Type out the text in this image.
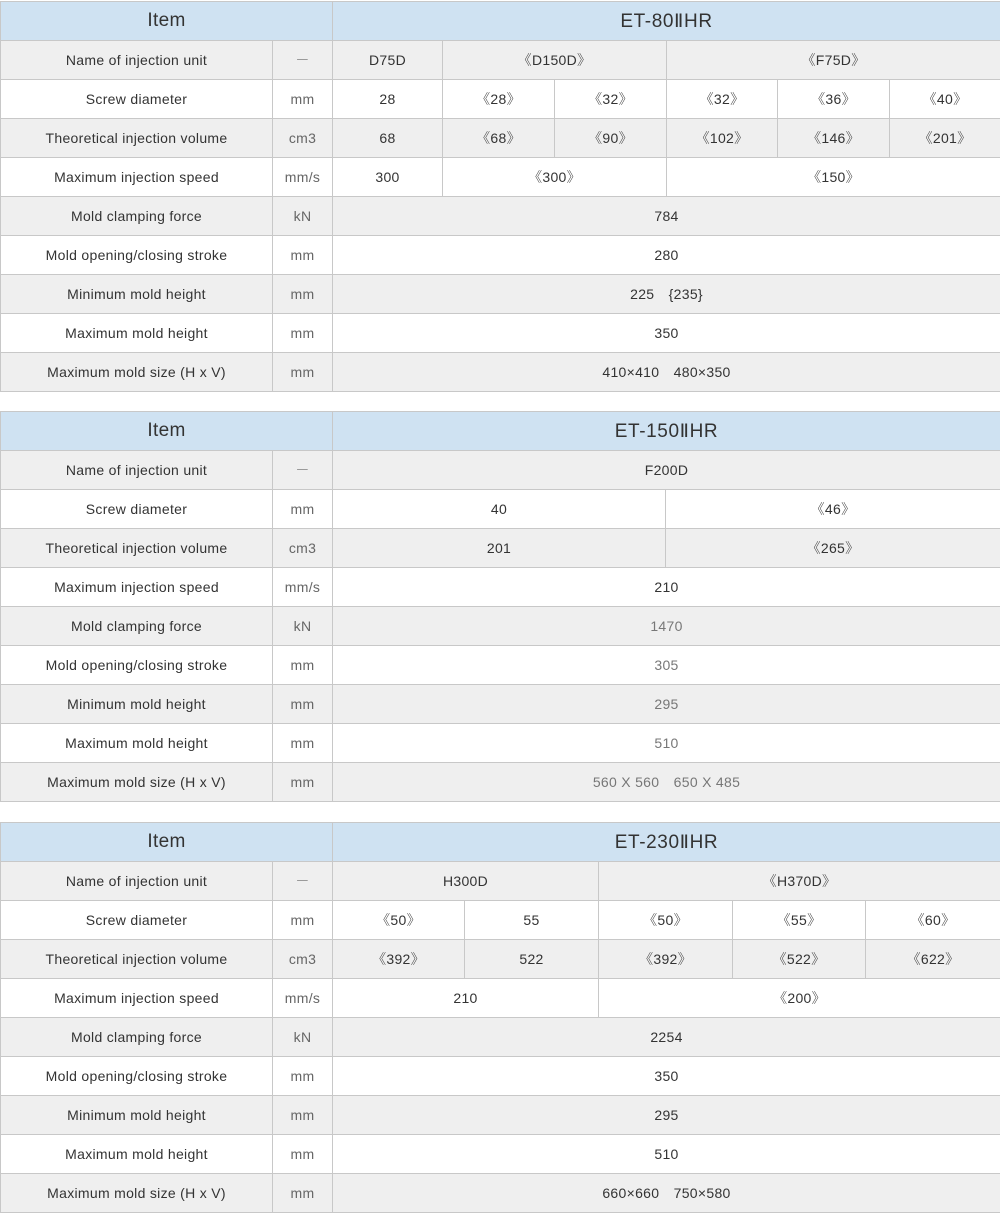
Item		ET-80ⅡHR					
Name of injection unit	－	D75D	《D150D》		《F75D》		
Screw diameter	mm	28	《28》	《32》	《32》	《36》	《40》
Theoretical injection volume	cm3	68	《68》	《90》	《102》	《146》	《201》
Maximum injection speed	mm/s	300	《300》		《150》		
Mold clamping force	kN	784					
Mold opening/closing stroke	mm	280					
Minimum mold height	mm	225　{235}					
Maximum mold height	mm	350					
Maximum mold size (H x V)	mm	410×410　480×350					
Item		ET-150ⅡHR	
Name of injection unit	－	F200D	
Screw diameter	mm	40	《46》
Theoretical injection volume	cm3	201	《265》
Maximum injection speed	mm/s	210	
Mold clamping force	kN	1470	
Mold opening/closing stroke	mm	305	
Minimum mold height	mm	295	
Maximum mold height	mm	510	
Maximum mold size (H x V)	mm	560 X 560　650 X 485	
Item		ET-230ⅡHR				
Name of injection unit	－	H300D		《H370D》		
Screw diameter	mm	《50》	55	《50》	《55》	《60》
Theoretical injection volume	cm3	《392》	522	《392》	《522》	《622》
Maximum injection speed	mm/s	210		《200》		
Mold clamping force	kN	2254				
Mold opening/closing stroke	mm	350				
Minimum mold height	mm	295				
Maximum mold height	mm	510				
Maximum mold size (H x V)	mm	660×660　750×580				
